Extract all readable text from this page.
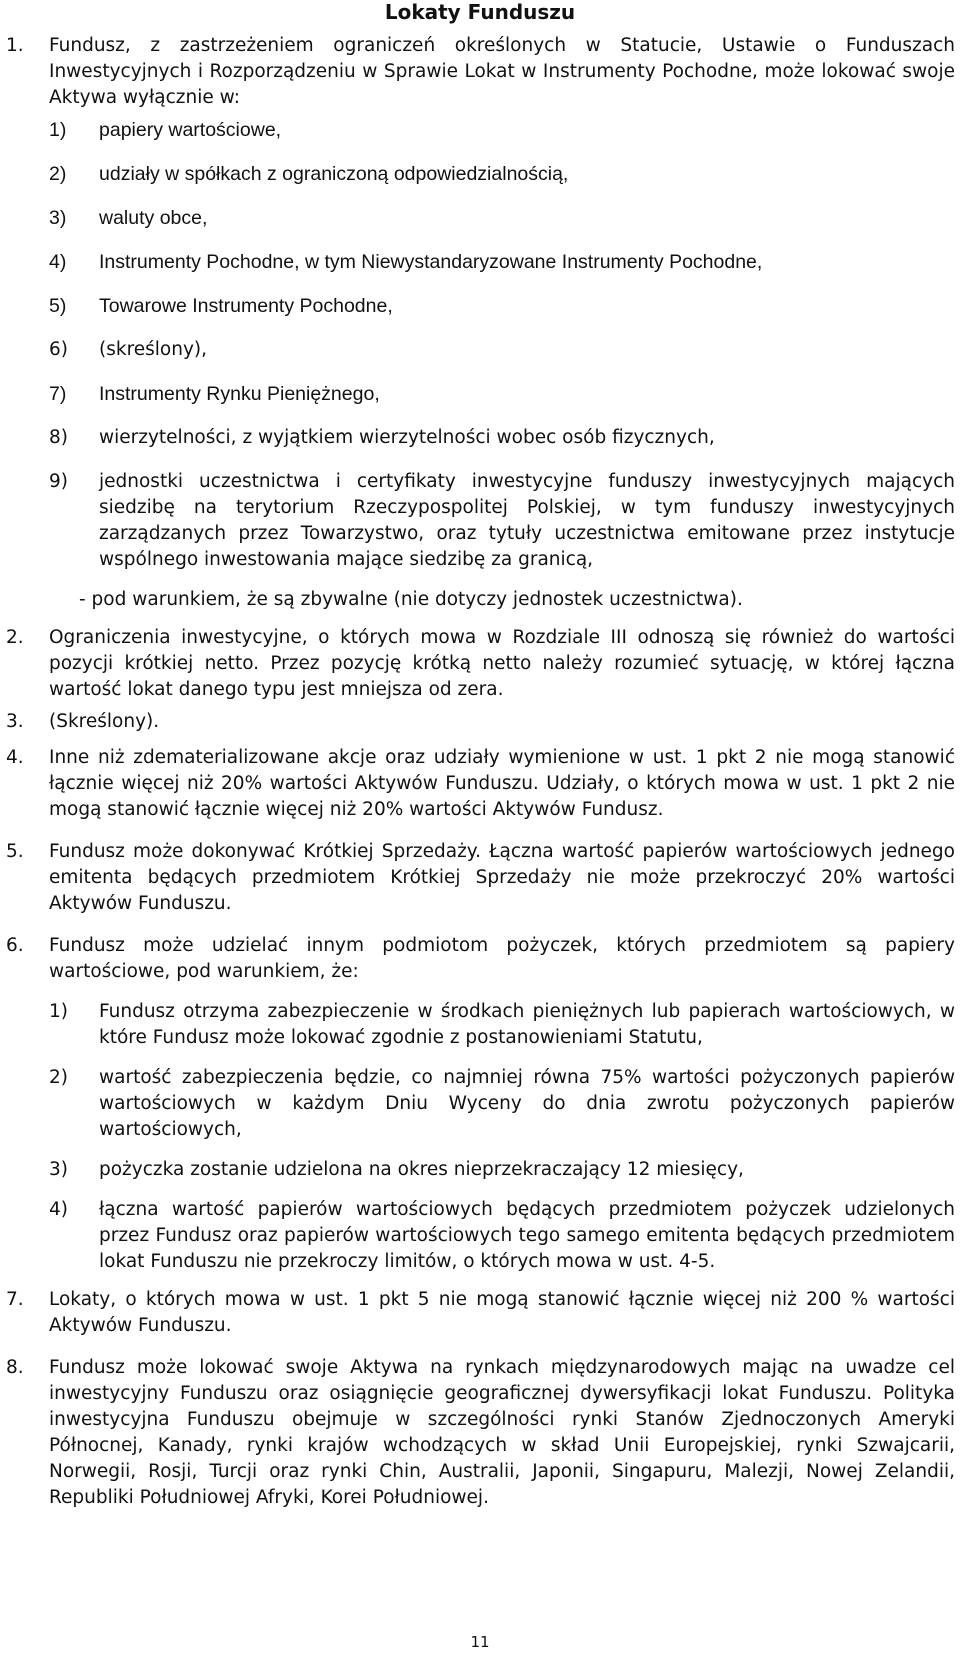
Lokaty Funduszu
1. Fundusz, z zastrzeżeniem ograniczeń określonych w Statucie, Ustawie o Funduszach Inwestycyjnych i Rozporządzeniu w Sprawie Lokat w Instrumenty Pochodne, może lokować swoje Aktywa wyłącznie w:
1) papiery wartościowe,
2) udziały w spółkach z ograniczoną odpowiedzialnością,
3) waluty obce,
4) Instrumenty Pochodne, w tym Niewystandaryzowane Instrumenty Pochodne,
5) Towarowe Instrumenty Pochodne,
6) (skreślony),
7) Instrumenty Rynku Pieniężnego,
8) wierzytelności, z wyjątkiem wierzytelności wobec osób fizycznych,
9) jednostki uczestnictwa i certyfikaty inwestycyjne funduszy inwestycyjnych mających siedzibę na terytorium Rzeczypospolitej Polskiej, w tym funduszy inwestycyjnych zarządzanych przez Towarzystwo, oraz tytuły uczestnictwa emitowane przez instytucje wspólnego inwestowania mające siedzibę za granicą,
- pod warunkiem, że są zbywalne (nie dotyczy jednostek uczestnictwa).
2. Ograniczenia inwestycyjne, o których mowa w Rozdziale III odnoszą się również do wartości pozycji krótkiej netto. Przez pozycję krótką netto należy rozumieć sytuację, w której łączna wartość lokat danego typu jest mniejsza od zera.
3. (Skreślony).
4. Inne niż zdematerializowane akcje oraz udziały wymienione w ust. 1 pkt 2 nie mogą stanowić łącznie więcej niż 20% wartości Aktywów Funduszu. Udziały, o których mowa w ust. 1 pkt 2 nie mogą stanowić łącznie więcej niż 20% wartości Aktywów Fundusz.
5. Fundusz może dokonywać Krótkiej Sprzedaży. Łączna wartość papierów wartościowych jednego emitenta będących przedmiotem Krótkiej Sprzedaży nie może przekroczyć 20% wartości Aktywów Funduszu.
6. Fundusz może udzielać innym podmiotom pożyczek, których przedmiotem są papiery wartościowe, pod warunkiem, że:
1) Fundusz otrzyma zabezpieczenie w środkach pieniężnych lub papierach wartościowych, w które Fundusz może lokować zgodnie z postanowieniami Statutu,
2) wartość zabezpieczenia będzie, co najmniej równa 75% wartości pożyczonych papierów wartościowych w każdym Dniu Wyceny do dnia zwrotu pożyczonych papierów wartościowych,
3) pożyczka zostanie udzielona na okres nieprzekraczający 12 miesięcy,
4) łączna wartość papierów wartościowych będących przedmiotem pożyczek udzielonych przez Fundusz oraz papierów wartościowych tego samego emitenta będących przedmiotem lokat Funduszu nie przekroczy limitów, o których mowa w ust. 4-5.
7. Lokaty, o których mowa w ust. 1 pkt 5 nie mogą stanowić łącznie więcej niż 200 % wartości Aktywów Funduszu.
8. Fundusz może lokować swoje Aktywa na rynkach międzynarodowych mając na uwadze cel inwestycyjny Funduszu oraz osiągnięcie geograficznej dywersyfikacji lokat Funduszu. Polityka inwestycyjna Funduszu obejmuje w szczególności rynki Stanów Zjednoczonych Ameryki Północnej, Kanady, rynki krajów wchodzących w skład Unii Europejskiej, rynki Szwajcarii, Norwegii, Rosji, Turcji oraz rynki Chin, Australii, Japonii, Singapuru, Malezji, Nowej Zelandii, Republiki Południowej Afryki, Korei Południowej.
11
